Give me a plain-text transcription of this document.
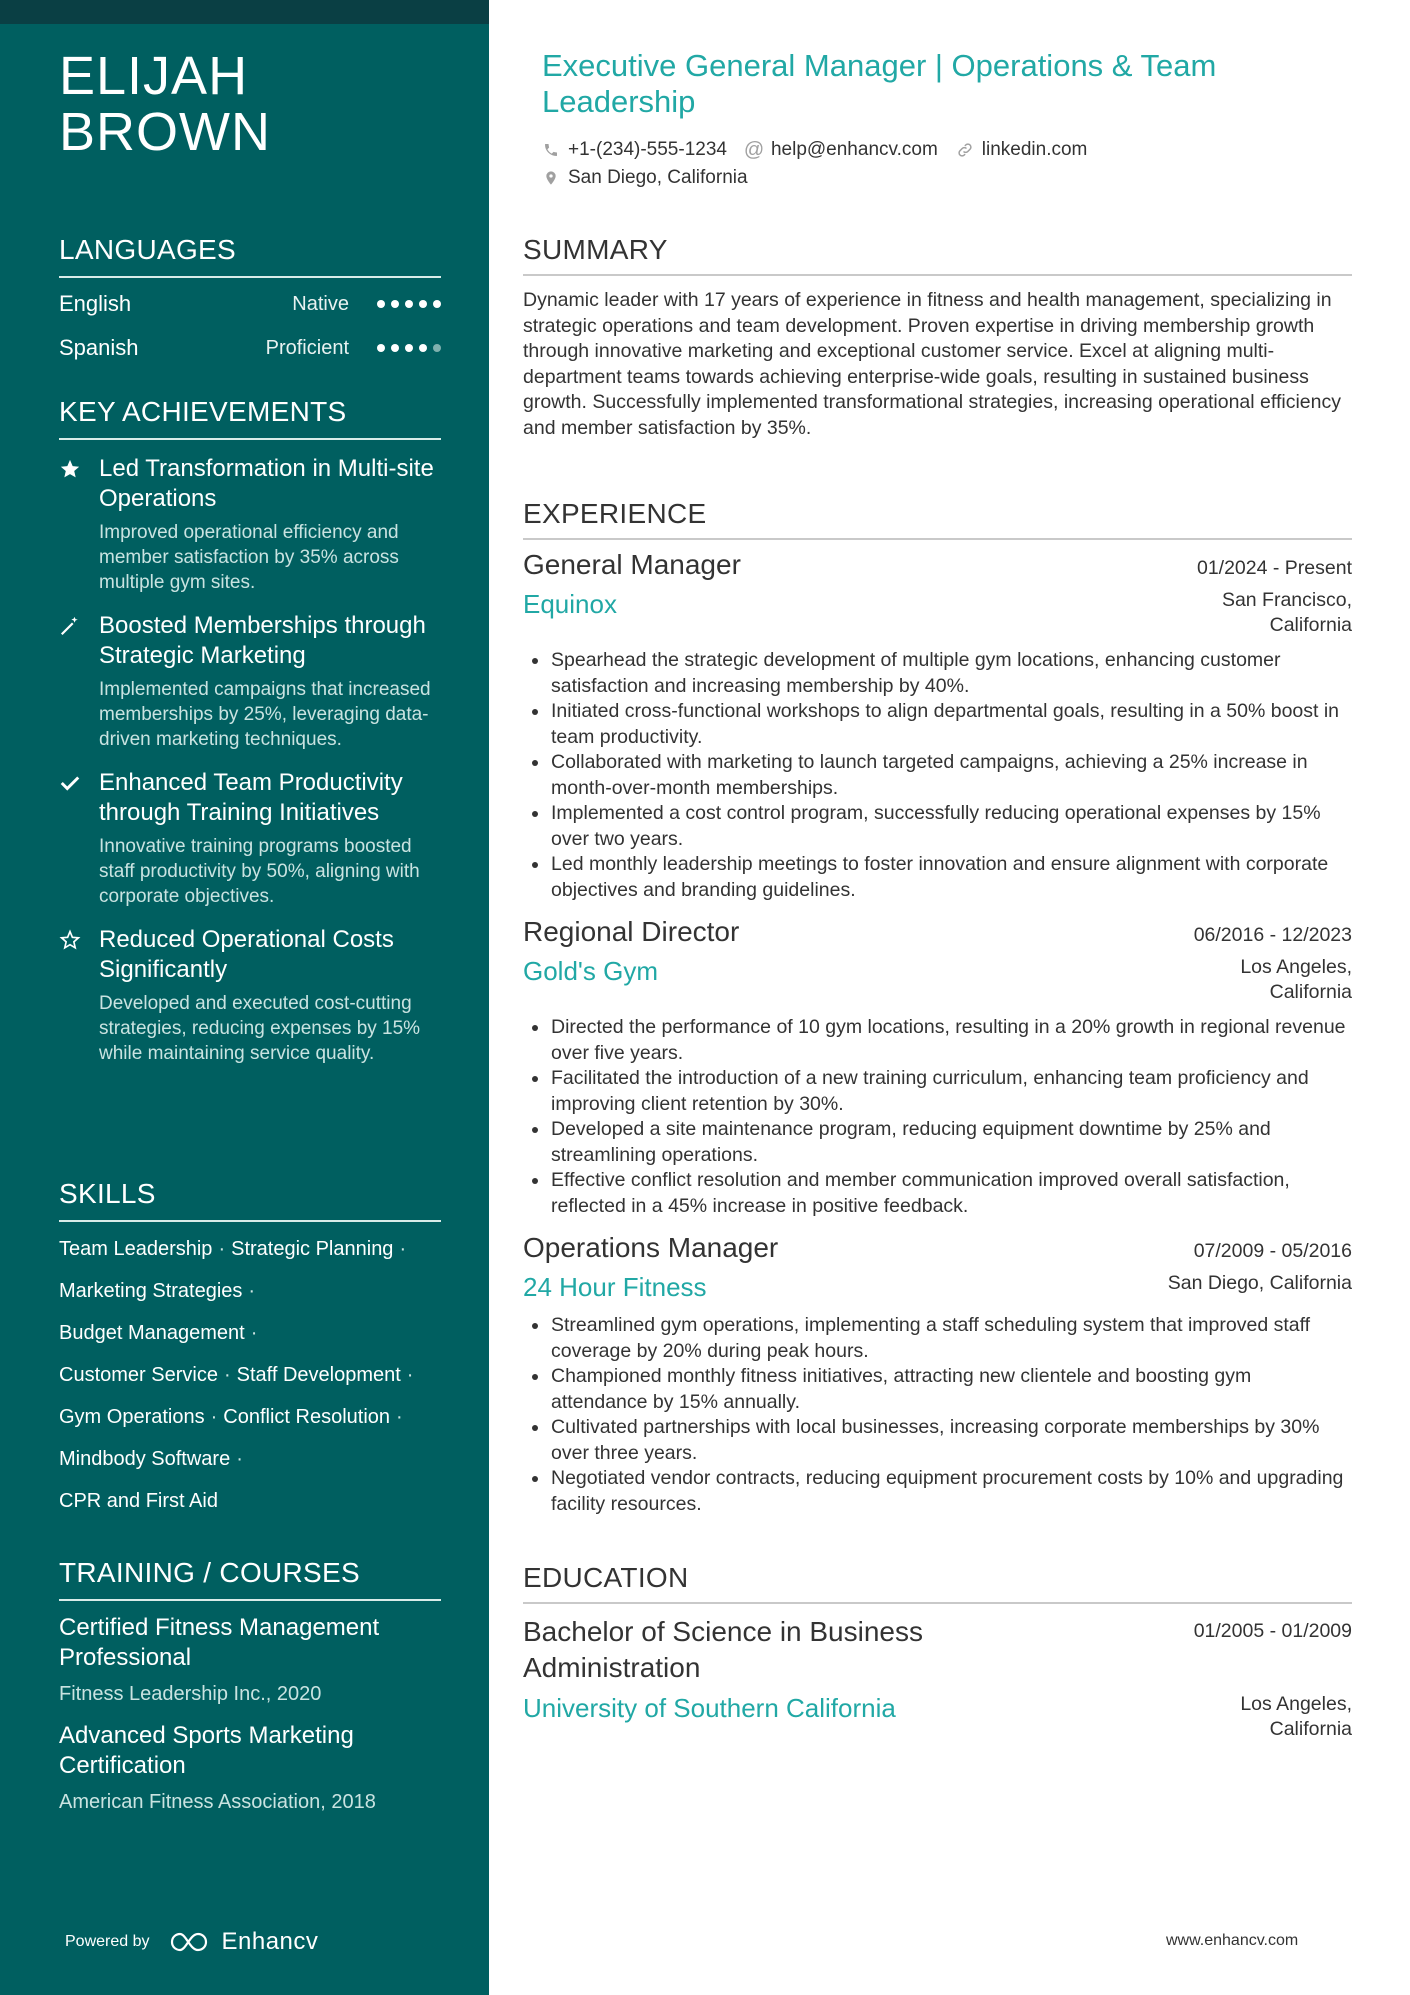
ELIJAH
BROWN
LANGUAGES
English	Native
Spanish	Proficient
KEY ACHIEVEMENTS
Led Transformation in Multi-site Operations
Improved operational efficiency and member satisfaction by 35% across multiple gym sites.
Boosted Memberships through Strategic Marketing
Implemented campaigns that increased memberships by 25%, leveraging data-driven marketing techniques.
Enhanced Team Productivity through Training Initiatives
Innovative training programs boosted staff productivity by 50%, aligning with corporate objectives.
Reduced Operational Costs Significantly
Developed and executed cost-cutting strategies, reducing expenses by 15% while maintaining service quality.
SKILLS
Team Leadership · Strategic Planning ·
Marketing Strategies ·
Budget Management ·
Customer Service · Staff Development ·
Gym Operations · Conflict Resolution ·
Mindbody Software ·
CPR and First Aid
TRAINING / COURSES
Certified Fitness Management Professional
Fitness Leadership Inc., 2020
Advanced Sports Marketing Certification
American Fitness Association, 2018
Powered by	Enhancv
Executive General Manager | Operations & Team Leadership
+1-(234)-555-1234 @ help@enhancv.com linkedin.com
San Diego, California
SUMMARY
Dynamic leader with 17 years of experience in fitness and health management, specializing in strategic operations and team development. Proven expertise in driving membership growth through innovative marketing and exceptional customer service. Excel at aligning multi-department teams towards achieving enterprise-wide goals, resulting in sustained business growth. Successfully implemented transformational strategies, increasing operational efficiency and member satisfaction by 35%.
EXPERIENCE
General Manager	01/2024 - Present
Equinox	San Francisco, California
Spearhead the strategic development of multiple gym locations, enhancing customer satisfaction and increasing membership by 40%.
Initiated cross-functional workshops to align departmental goals, resulting in a 50% boost in team productivity.
Collaborated with marketing to launch targeted campaigns, achieving a 25% increase in month-over-month memberships.
Implemented a cost control program, successfully reducing operational expenses by 15% over two years.
Led monthly leadership meetings to foster innovation and ensure alignment with corporate objectives and branding guidelines.
Regional Director	06/2016 - 12/2023
Gold's Gym	Los Angeles, California
Directed the performance of 10 gym locations, resulting in a 20% growth in regional revenue over five years.
Facilitated the introduction of a new training curriculum, enhancing team proficiency and improving client retention by 30%.
Developed a site maintenance program, reducing equipment downtime by 25% and streamlining operations.
Effective conflict resolution and member communication improved overall satisfaction, reflected in a 45% increase in positive feedback.
Operations Manager	07/2009 - 05/2016
24 Hour Fitness	San Diego, California
Streamlined gym operations, implementing a staff scheduling system that improved staff coverage by 20% during peak hours.
Championed monthly fitness initiatives, attracting new clientele and boosting gym attendance by 15% annually.
Cultivated partnerships with local businesses, increasing corporate memberships by 30% over three years.
Negotiated vendor contracts, reducing equipment procurement costs by 10% and upgrading facility resources.
EDUCATION
Bachelor of Science in Business Administration
01/2005 - 01/2009
University of Southern California	Los Angeles, California
www.enhancv.com
